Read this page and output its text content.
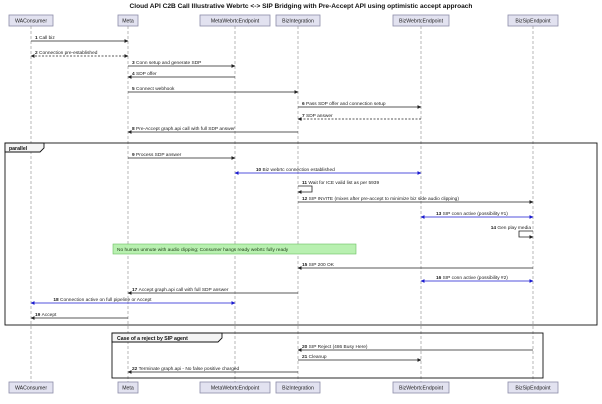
Cloud API C2B Call Illustrative Webrtc <-> SIP Bridging with Pre-Accept API using optimistic accept approach
WAConsumer	Meta	MetaWebrtcEndpoint	BizIntegration	BizWebrtcEndpoint	BizSipEndpoint
WAConsumer	Meta	MetaWebrtcEndpoint	BizIntegration	BizWebrtcEndpoint	BizSipEndpoint
parallel
Case of a reject by SIP agent
No human unmute with audio clipping; Consumer hangs ready webrtc fully ready
1 Call biz
2 Connection pre-established
3 Conn setup and generate SDP
4 SDP offer
5 Connect webhook
6 Pass SDP offer and connection setup
7 SDP answer
8 Pre-Accept graph.api call with full SDP answer
9 Process SDP answer
10 Biz webrtc connection established
11 Wait for ICE valid list as per 5939
12 SIP INVITE (mixes after pre-accept to minimize biz side audio clipping)
13 SIP conn active (possibility #1)
14 Gen play media
15 SIP 200 OK
16 SIP conn active (possibility #2)
17 Accept graph.api call with full SDP answer
18 Connection active on full pipeline or Accept
19 Accept
20 SIP Reject (486 Busy Here)
21 Cleanup
22 Terminate graph.api - No false positive charged
